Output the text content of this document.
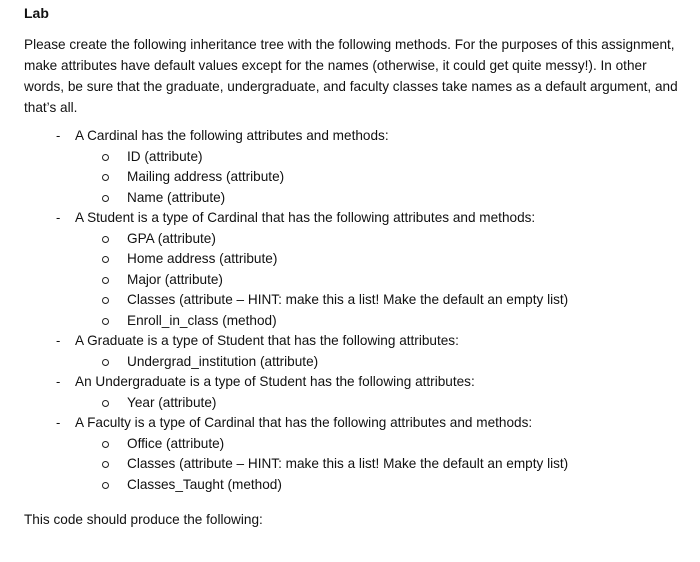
Lab
Please create the following inheritance tree with the following methods. For the purposes of this assignment, make attributes have default values except for the names (otherwise, it could get quite messy!). In other words, be sure that the graduate, undergraduate, and faculty classes take names as a default argument, and that’s all.
-	A Cardinal has the following attributes and methods:
ID (attribute)
Mailing address (attribute)
Name (attribute)
-	A Student is a type of Cardinal that has the following attributes and methods:
GPA (attribute)
Home address (attribute)
Major (attribute)
Classes (attribute – HINT: make this a list! Make the default an empty list)
Enroll_in_class (method)
-	A Graduate is a type of Student that has the following attributes:
Undergrad_institution (attribute)
-	An Undergraduate is a type of Student has the following attributes:
Year (attribute)
-	A Faculty is a type of Cardinal that has the following attributes and methods:
Office (attribute)
Classes (attribute – HINT: make this a list! Make the default an empty list)
Classes_Taught (method)
This code should produce the following:
